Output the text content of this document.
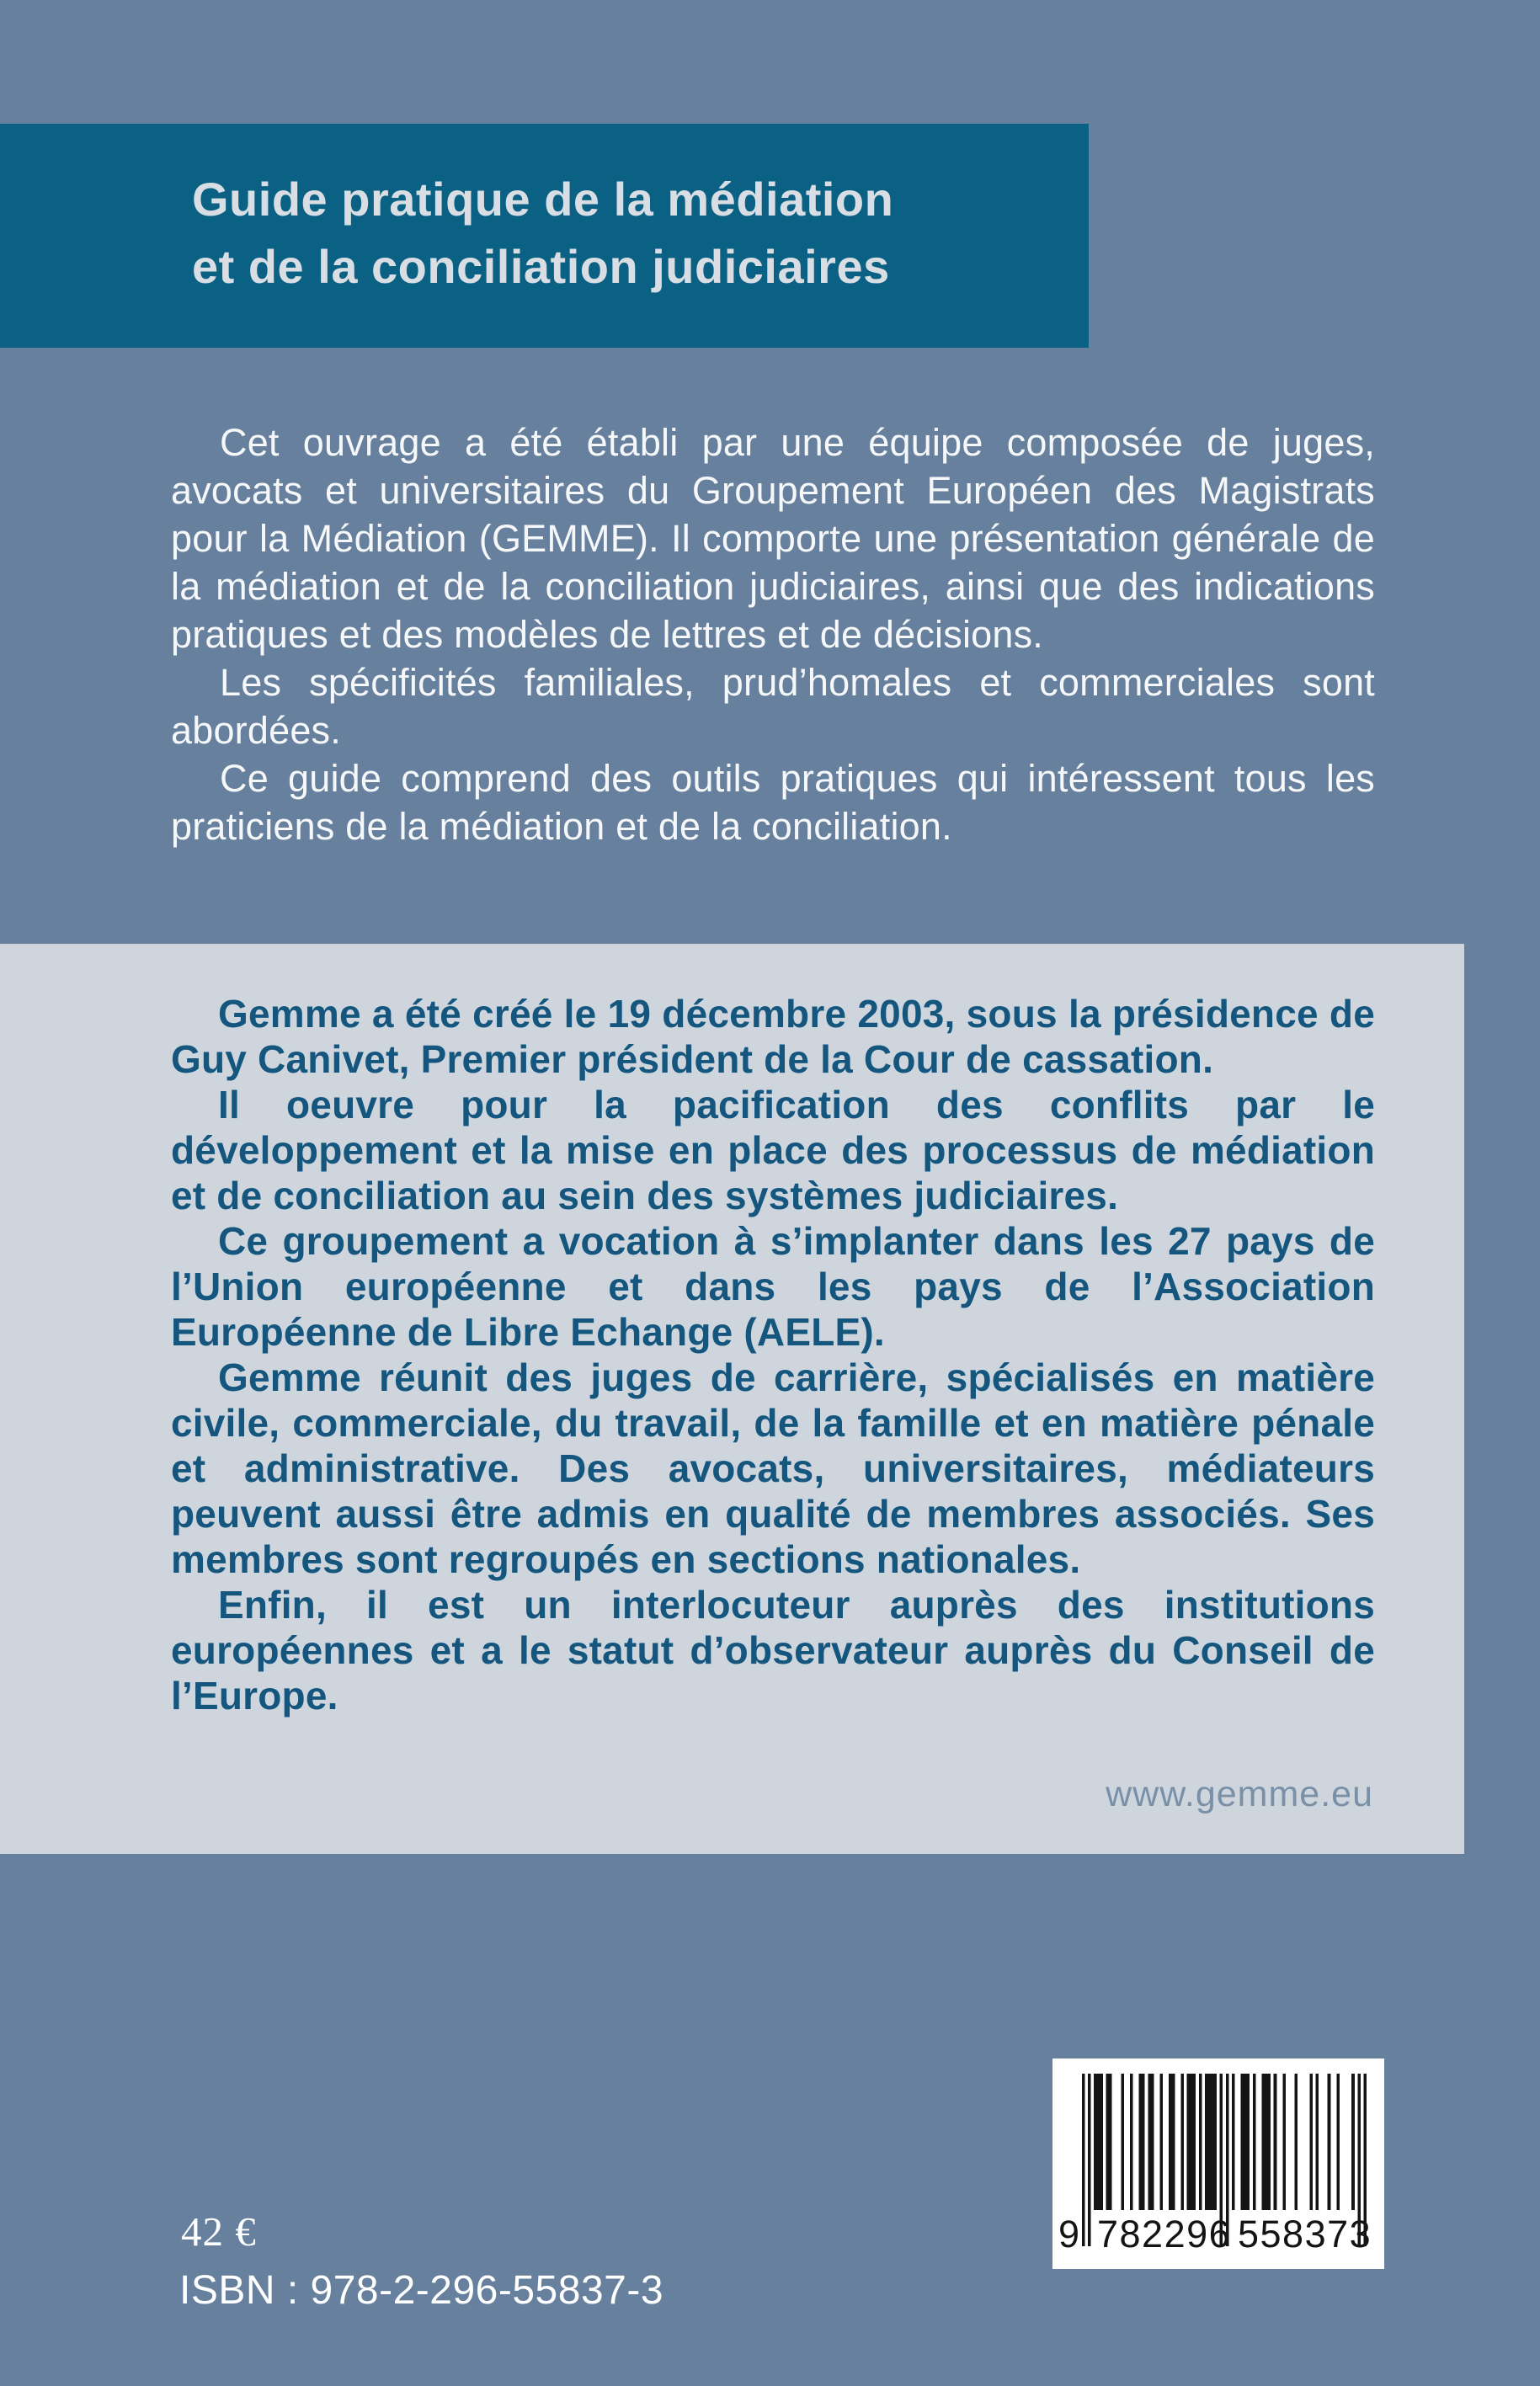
Guide pratique de la médiation
et de la conciliation judiciaires

Cet ouvrage a été établi par une équipe composée de juges, avocats et universitaires du Groupement Européen des Magistrats pour la Médiation (GEMME). Il comporte une présentation générale de la médiation et de la conciliation judiciaires, ainsi que des indications pratiques et des modèles de lettres et de décisions.

Les spécificités familiales, prud’homales et commerciales sont abordées.

Ce guide comprend des outils pratiques qui intéressent tous les praticiens de la médiation et de la conciliation.

Gemme a été créé le 19 décembre 2003, sous la présidence de Guy Canivet, Premier président de la Cour de cassation.

Il oeuvre pour la pacification des conflits par le développement et la mise en place des processus de médiation et de conciliation au sein des systèmes judiciaires.

Ce groupement a vocation à s’implanter dans les 27 pays de l’Union européenne et dans les pays de l’Association Européenne de Libre Echange (AELE).

Gemme réunit des juges de carrière, spécialisés en matière civile, commerciale, du travail, de la famille et en matière pénale et administrative. Des avocats, universitaires, médiateurs peuvent aussi être admis en qualité de membres associés. Ses membres sont regroupés en sections nationales.

Enfin, il est un interlocuteur auprès des institutions européennes et a le statut d’observateur auprès du Conseil de l’Europe.

www.gemme.eu
42 €
ISBN : 978-2-296-55837-3
9 782296 558373
